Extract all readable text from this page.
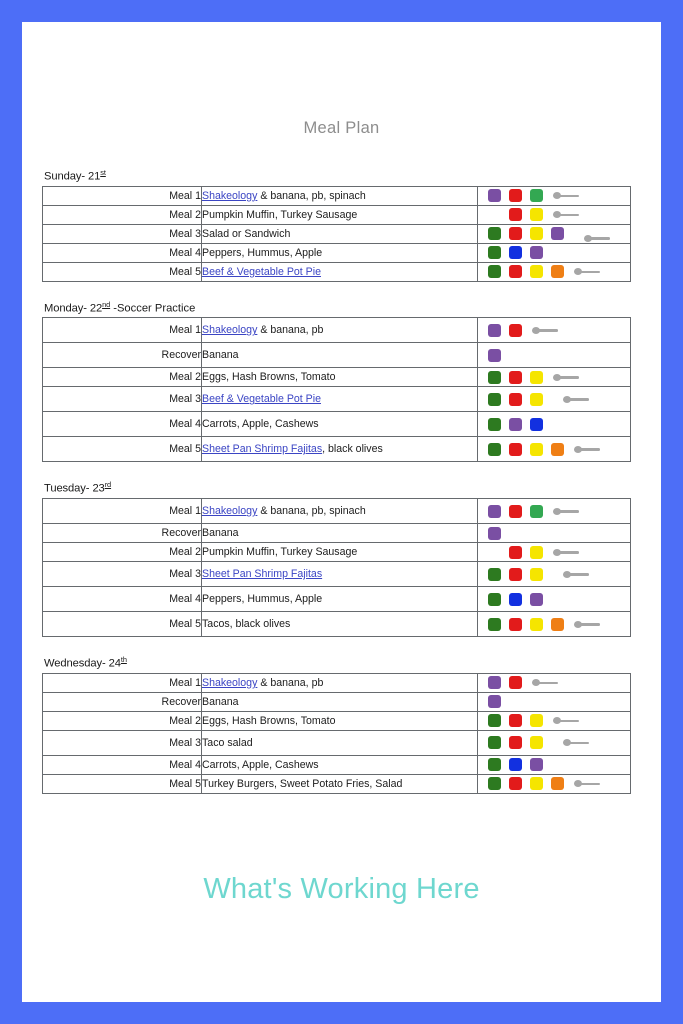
Meal Plan
Sunday- 21st
Meal 1	Shakeology & banana, pb, spinach	

Meal 2	Pumpkin Muffin, Turkey Sausage	

Meal 3	Salad or Sandwich	

Meal 4	Peppers, Hummus, Apple	

Meal 5	Beef & Vegetable Pot Pie	
Monday- 22nd -Soccer Practice
Meal 1	Shakeology & banana, pb	

Recover	Banana	

Meal 2	Eggs, Hash Browns, Tomato	

Meal 3	Beef & Vegetable Pot Pie	

Meal 4	Carrots, Apple, Cashews	

Meal 5	Sheet Pan Shrimp Fajitas, black olives	
Tuesday- 23rd
Meal 1	Shakeology & banana, pb, spinach	

Recover	Banana	

Meal 2	Pumpkin Muffin, Turkey Sausage	

Meal 3	Sheet Pan Shrimp Fajitas	

Meal 4	Peppers, Hummus, Apple	

Meal 5	Tacos, black olives	
Wednesday- 24th
Meal 1	Shakeology & banana, pb	

Recover	Banana	

Meal 2	Eggs, Hash Browns, Tomato	

Meal 3	Taco salad	

Meal 4	Carrots, Apple, Cashews	

Meal 5	Turkey Burgers, Sweet Potato Fries, Salad	
What's Working Here
